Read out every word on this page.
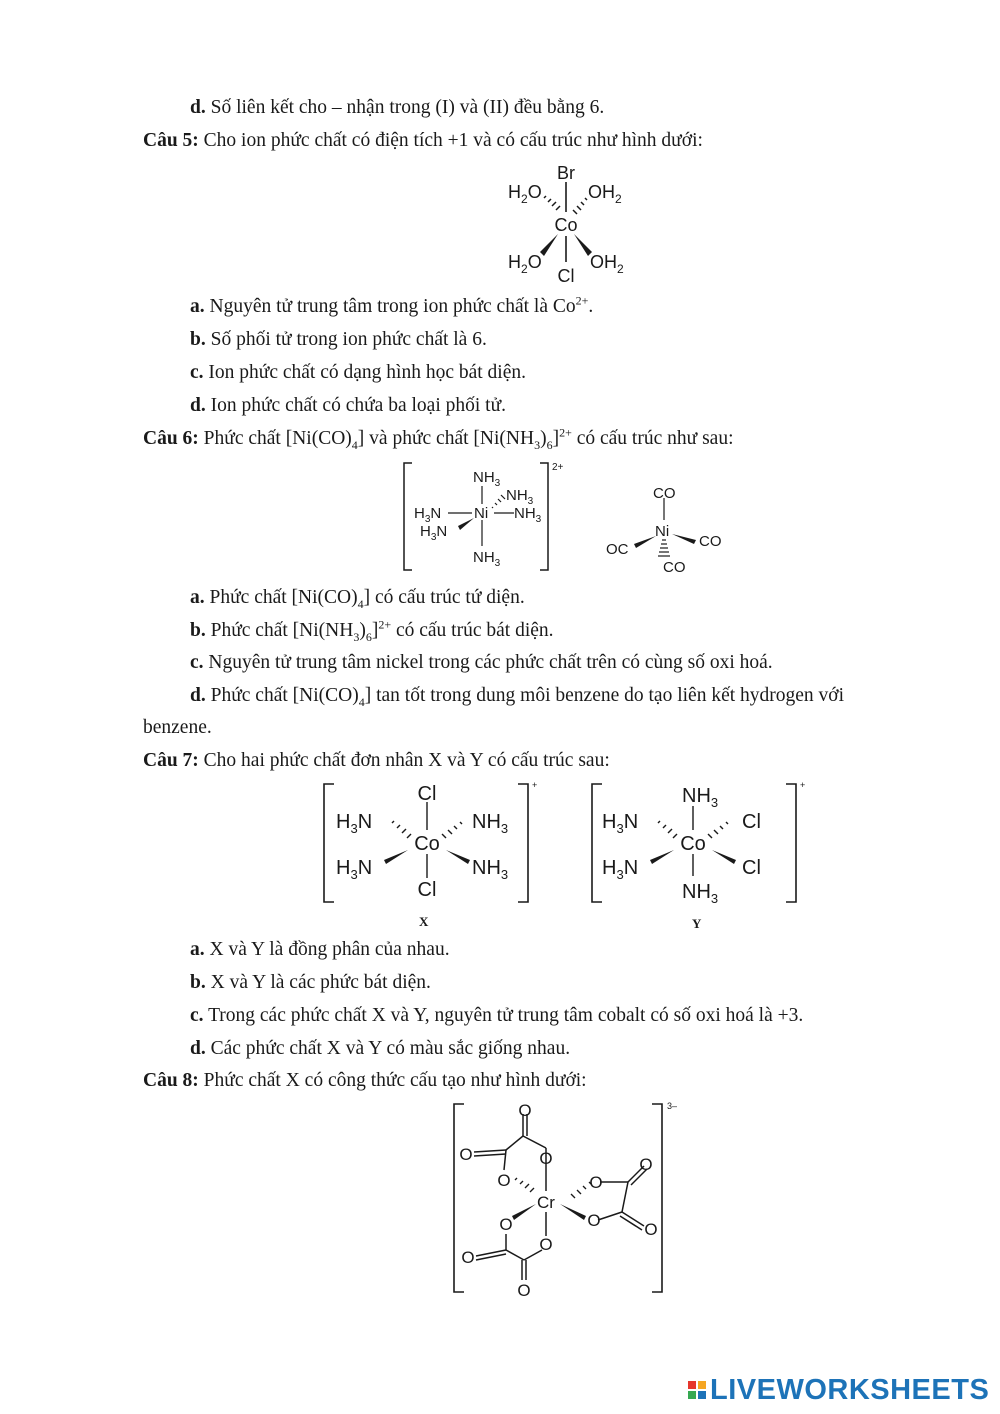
d. Số liên kết cho – nhận trong (I) và (II) đều bằng 6.
Câu 5: Cho ion phức chất có điện tích +1 và có cấu trúc như hình dưới:
Br
Co
Cl
$H_2O$	$OH_2$
$H_2O$	$OH_2$
a. Nguyên tử trung tâm trong ion phức chất là $Co^{2+}$.
b. Số phối tử trong ion phức chất là 6.
c. Ion phức chất có dạng hình học bát diện.
d. Ion phức chất có chứa ba loại phối tử.
Câu 6: Phức chất $[Ni(CO)_4]$ và phức chất $[Ni(NH_3)_6]^{2+}$ có cấu trúc như sau:
2+
$NH_3$
$NH_3$
$H_3N$ Ni $NH_3$
$H_3N$
$NH_3$
CO
Ni
OC	CO
CO
a. Phức chất $[Ni(CO)_4]$ có cấu trúc tứ diện.
b. Phức chất $[Ni(NH_3)_6]^{2+}$ có cấu trúc bát diện.
c. Nguyên tử trung tâm nickel trong các phức chất trên có cùng số oxi hoá.
d. Phức chất $[Ni(CO)_4]$ tan tốt trong dung môi benzene do tạo liên kết hydrogen với
benzene.
Câu 7: Cho hai phức chất đơn nhân X và Y có cấu trúc sau:
+
Cl
Co
Cl
$H_3N$	$NH_3$
$H_3N$	$NH_3$
X
+
$NH_3$
Co
$NH_3$
$H_3N$	Cl
$H_3N$	Cl
Y
a. X và Y là đồng phân của nhau.
b. X và Y là các phức bát diện.
c. Trong các phức chất X và Y, nguyên tử trung tâm cobalt có số oxi hoá là +3.
d. Các phức chất X và Y có màu sắc giống nhau.
Câu 8: Phức chất X có công thức cấu tạo như hình dưới:
3–
Cr
O
O	O
O	O
O
O	O
O
O
O
O
LIVEWORKSHEETS
